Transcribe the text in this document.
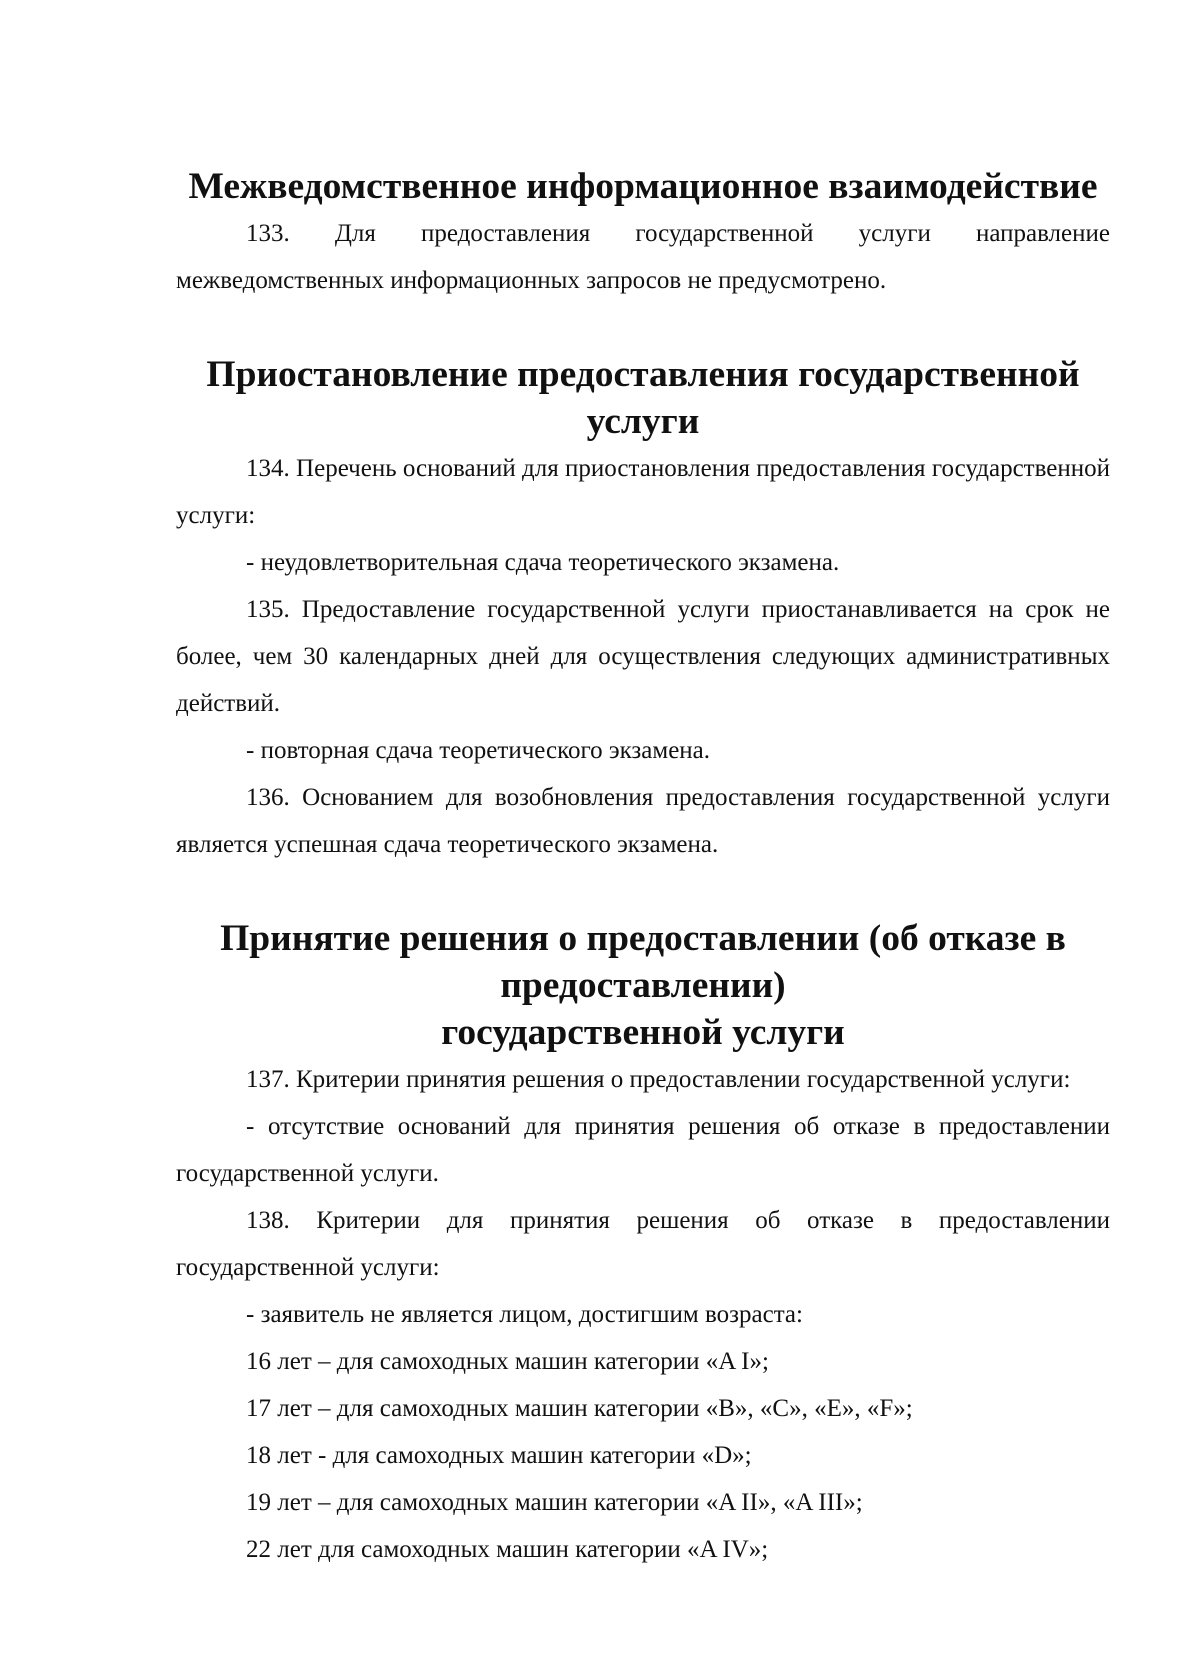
Межведомственное информационное взаимодействие

133. Для предоставления государственной услуги направление межведомственных информационных запросов не предусмотрено.

Приостановление предоставления государственной услуги

134. Перечень оснований для приостановления предоставления государственной услуги:

- неудовлетворительная сдача теоретического экзамена.

135. Предоставление государственной услуги приостанавливается на срок не более, чем 30 календарных дней для осуществления следующих административных действий.

- повторная сдача теоретического экзамена.

136. Основанием для возобновления предоставления государственной услуги является успешная сдача теоретического экзамена.

Принятие решения о предоставлении (об отказе в предоставлении)
государственной услуги

137. Критерии принятия решения о предоставлении государственной услуги:

- отсутствие оснований для принятия решения об отказе в предоставлении государственной услуги.

138. Критерии для принятия решения об отказе в предоставлении государственной услуги:

- заявитель не является лицом, достигшим возраста:

16 лет – для самоходных машин категории «A I»;

17 лет – для самоходных машин категории «B», «C», «E», «F»;

18 лет - для самоходных машин категории «D»;

19 лет – для самоходных машин категории «A II», «A III»;

22 лет для самоходных машин категории «A IV»;
